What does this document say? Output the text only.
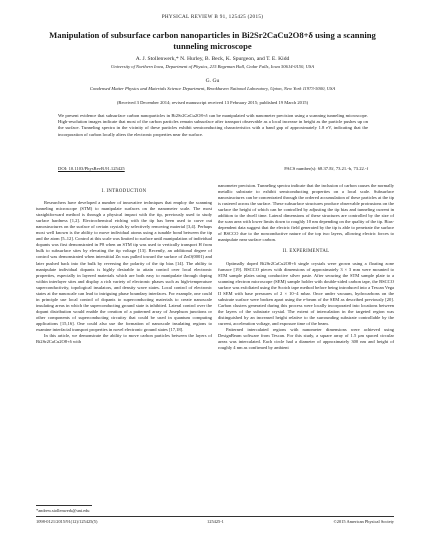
PHYSICAL REVIEW B 91, 125425 (2015)
Manipulation of subsurface carbon nanoparticles in Bi2Sr2CaCu2O8+δ using a scanning tunneling microscope
A. J. Stollenwerk,* N. Hurley, B. Beck, K. Spurgeon, and T. E. Kidd
University of Northern Iowa, Department of Physics, 215 Begeman Hall, Cedar Falls, Iowa 50614-0150, USA
G. Gu
Condensed Matter Physics and Materials Science Department, Brookhaven National Laboratory, Upton, New York 11973-5000, USA
(Received 3 December 2014; revised manuscript received 13 February 2015; published 19 March 2015)
We present evidence that subsurface carbon nanoparticles in Bi2Sr2CaCu2O8+δ can be manipulated with nanometer precision using a scanning tunneling microscope. High-resolution images indicate that most of the carbon particles remain subsurface after transport observable as a local increase in height as the particle pushes up on the surface. Tunneling spectra in the vicinity of these particles exhibit semiconducting characteristics with a band gap of approximately 1.8 eV, indicating that the incorporation of carbon locally alters the electronic properties near the surface.
DOI: 10.1103/PhysRevB.91.125425	PACS number(s): 68.37.Ef, 73.21.-b, 73.22.-f
I. INTRODUCTION

Researchers have developed a number of innovative techniques that employ the scanning tunneling microscope (STM) to manipulate surfaces on the nanometer scale. The most straightforward method is through a physical impact with the tip, previously used to study surface hardness [1,2]. Electrochemical etching with the tip has been used to carve out nanostructures on the surface of certain crystals by selectively removing material [3,4]. Perhaps most well known is the ability to move individual atoms using a tunable bond between the tip and the atom [5–12]. Control at this scale was limited to surface until manipulation of individual dopants was first demonstrated in P8 when an STM tip was used to vertically transport H from bulk to subsurface sites by elevating the tip voltage [13]. Recently, an additional degree of control was demonstrated when interstitial Zn was pulled toward the surface of ZnO(0001) and later pushed back into the bulk by reversing the polarity of the tip bias [14]. The ability to manipulate individual dopants is highly desirable to attain control over local electronic properties, especially in layered materials which are both easy to manipulate through doping within interlayer sites and display a rich variety of electronic phases such as high-temperature superconductivity, topological insulators, and density wave states. Local control of electronic states at the nanoscale can lead to intriguing phase boundary interfaces. For example, one could in principle use local control of dopants to superconducting materials to create nanoscale insulating areas in which the superconducting ground state is inhibited. Lateral control over the dopant distribution would enable the creation of a patterned array of Josephson junctions or other components of superconducting circuitry that could be used in quantum computing applications [15,16]. One could also use the formation of nanoscale insulating regions to examine interfacial transport properties in novel electronic ground states [17,18].

In this article, we demonstrate the ability to move carbon particles between the layers of Bi2Sr2CaCu2O8+δ with

nanometer precision. Tunneling spectra indicate that the inclusion of carbon causes the normally metallic substrate to exhibit semiconducting properties on a local scale. Subsurface nanostructures can be concentrated through the ordered accumulation of these particles at the tip is rastered across the surface. These subsurface structures produce observable protrusions on the surface the height of which can be controlled by adjusting the tip bias and tunneling current in addition to the dwell time. Lateral dimensions of these structures are controlled by the size of the scan area with lower limits down to roughly 10 nm depending on the quality of the tip. Bias-dependent data suggest that the electric field generated by the tip is able to penetrate the surface of BSCCO due to the nonconductive nature of the top two layers, allowing electric forces to manipulate near surface carbon.

II. EXPERIMENTAL

Optimally doped Bi2Sr2CaCu2O8+δ single crystals were grown using a floating zone furnace [19]. BSCCO pieces with dimensions of approximately 3 × 3 mm were mounted to STM sample plates using conductive silver paste. After securing the STM sample plate to a scanning electron microscope (SEM) sample holder with double-sided carbon tape, the BSCCO surface was exfoliated using the Scotch tape method before being introduced into a Tescan Vega II SEM with base pressures of 2 × 10−4 mbar. Once under vacuum, hydrocarbons on the substrate surface were broken apart using the e-beam of the SEM as described previously [20]. Carbon clusters generated during this process were locally incorporated into locations between the layers of the substrate crystal. The extent of intercalation in the targeted region was distinguished by an increased height relative to the surrounding substrate controllable by the current, acceleration voltage, and exposure time of the beam.

Patterned intercalated regions with nanometer dimensions were achieved using DesignBeam software from Tescan. For this study, a square array of 1.5 μm spaced circular areas was intercalated. Each circle had a diameter of approximately 300 nm and height of roughly 4 nm as confirmed by ambient

*andrew.stollenwerk@uni.edu
1098-0121/2015/91(12)/125425(5)	125425-1	©2015 American Physical Society
